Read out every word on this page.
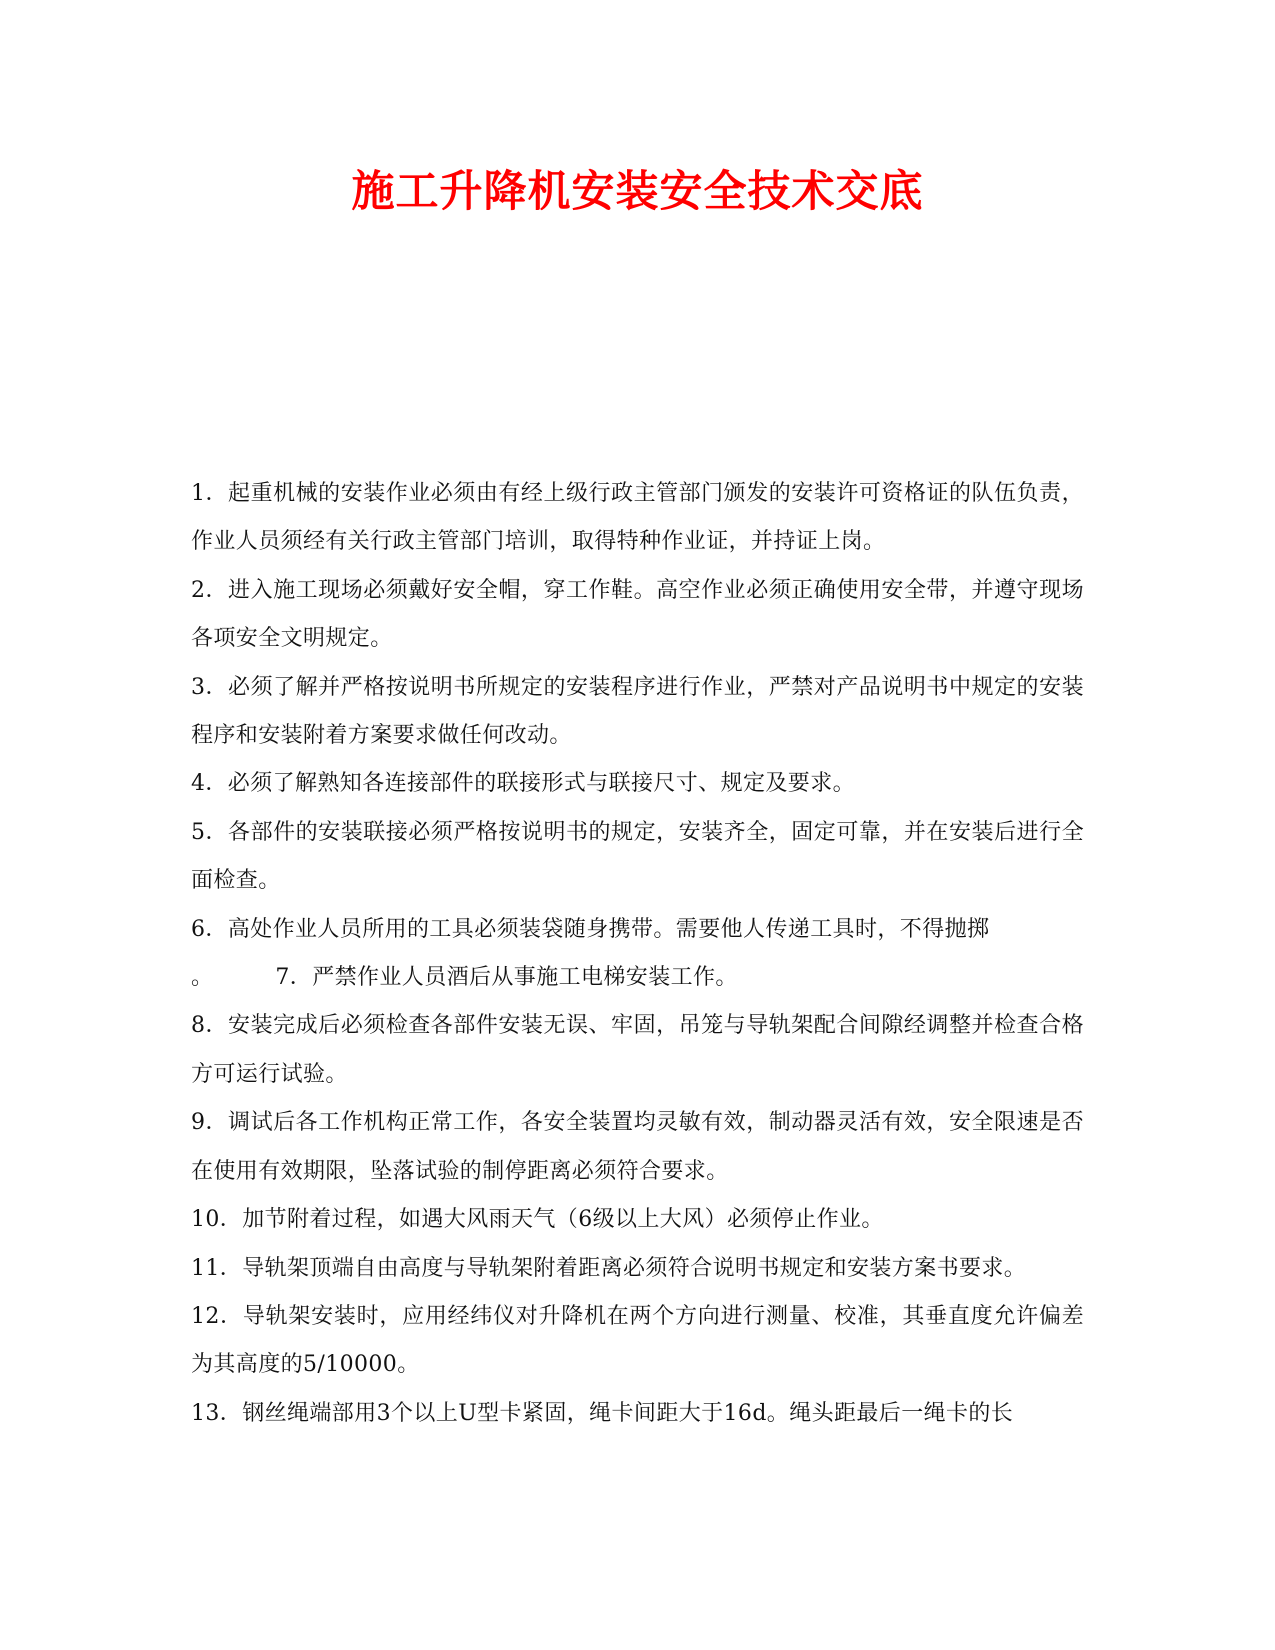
施工升降机安装安全技术交底

1．起重机械的安装作业必须由有经上级行政主管部门颁发的安装许可资格证的队伍负责，作业人员须经有关行政主管部门培训，取得特种作业证，并持证上岗。

2．进入施工现场必须戴好安全帽，穿工作鞋。高空作业必须正确使用安全带，并遵守现场各项安全文明规定。

3．必须了解并严格按说明书所规定的安装程序进行作业，严禁对产品说明书中规定的安装程序和安装附着方案要求做任何改动。

4．必须了解熟知各连接部件的联接形式与联接尺寸、规定及要求。

5．各部件的安装联接必须严格按说明书的规定，安装齐全，固定可靠，并在安装后进行全面检查。

6．高处作业人员所用的工具必须装袋随身携带。需要他人传递工具时，不得抛掷

。	7．严禁作业人员酒后从事施工电梯安装工作。

8．安装完成后必须检查各部件安装无误、牢固，吊笼与导轨架配合间隙经调整并检查合格方可运行试验。

9．调试后各工作机构正常工作，各安全装置均灵敏有效，制动器灵活有效，安全限速是否在使用有效期限，坠落试验的制停距离必须符合要求。

10．加节附着过程，如遇大风雨天气（6级以上大风）必须停止作业。

11．导轨架顶端自由高度与导轨架附着距离必须符合说明书规定和安装方案书要求。

12．导轨架安装时，应用经纬仪对升降机在两个方向进行测量、校准，其垂直度允许偏差为其高度的5/10000。

13．钢丝绳端部用3个以上U型卡紧固，绳卡间距大于16d。绳头距最后一绳卡的长
